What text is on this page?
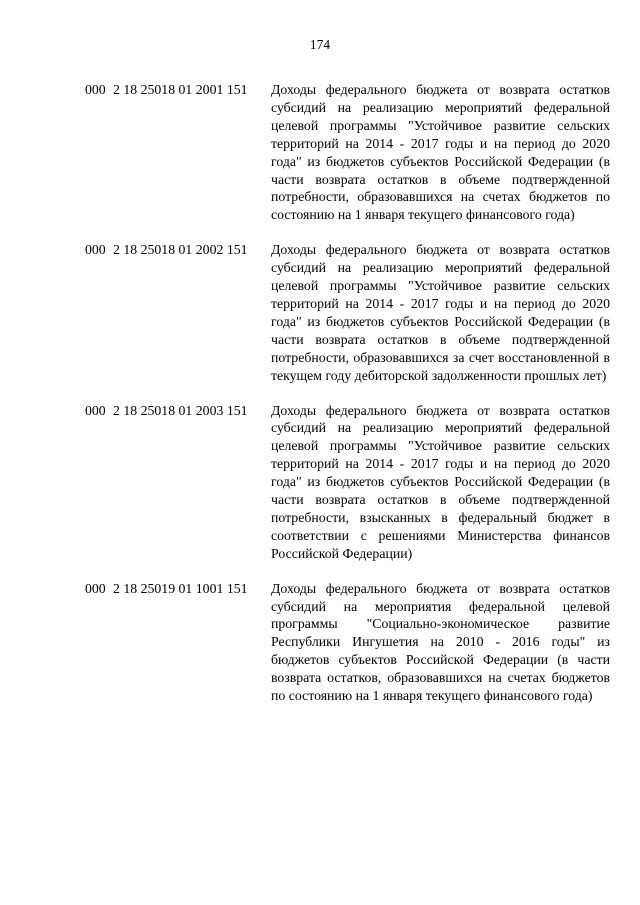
174
000 2 18 25018 01 2001 151	Доходы федерального бюджета от возврата остатков субсидий на реализацию мероприятий федеральной целевой программы "Устойчивое развитие сельских территорий на 2014 - 2017 годы и на период до 2020 года" из бюджетов субъектов Российской Федерации (в части возврата остатков в объеме подтвержденной потребности, образовавшихся на счетах бюджетов по состоянию на 1 января текущего финансового года)
000 2 18 25018 01 2002 151	Доходы федерального бюджета от возврата остатков субсидий на реализацию мероприятий федеральной целевой программы "Устойчивое развитие сельских территорий на 2014 - 2017 годы и на период до 2020 года" из бюджетов субъектов Российской Федерации (в части возврата остатков в объеме подтвержденной потребности, образовавшихся за счет восстановленной в текущем году дебиторской задолженности прошлых лет)
000 2 18 25018 01 2003 151	Доходы федерального бюджета от возврата остатков субсидий на реализацию мероприятий федеральной целевой программы "Устойчивое развитие сельских территорий на 2014 - 2017 годы и на период до 2020 года" из бюджетов субъектов Российской Федерации (в части возврата остатков в объеме подтвержденной потребности, взысканных в федеральный бюджет в соответствии с решениями Министерства финансов Российской Федерации)
000 2 18 25019 01 1001 151	Доходы федерального бюджета от возврата остатков субсидий на мероприятия федеральной целевой программы "Социально-экономическое развитие Республики Ингушетия на 2010 - 2016 годы" из бюджетов субъектов Российской Федерации (в части возврата остатков, образовавшихся на счетах бюджетов по состоянию на 1 января текущего финансового года)
